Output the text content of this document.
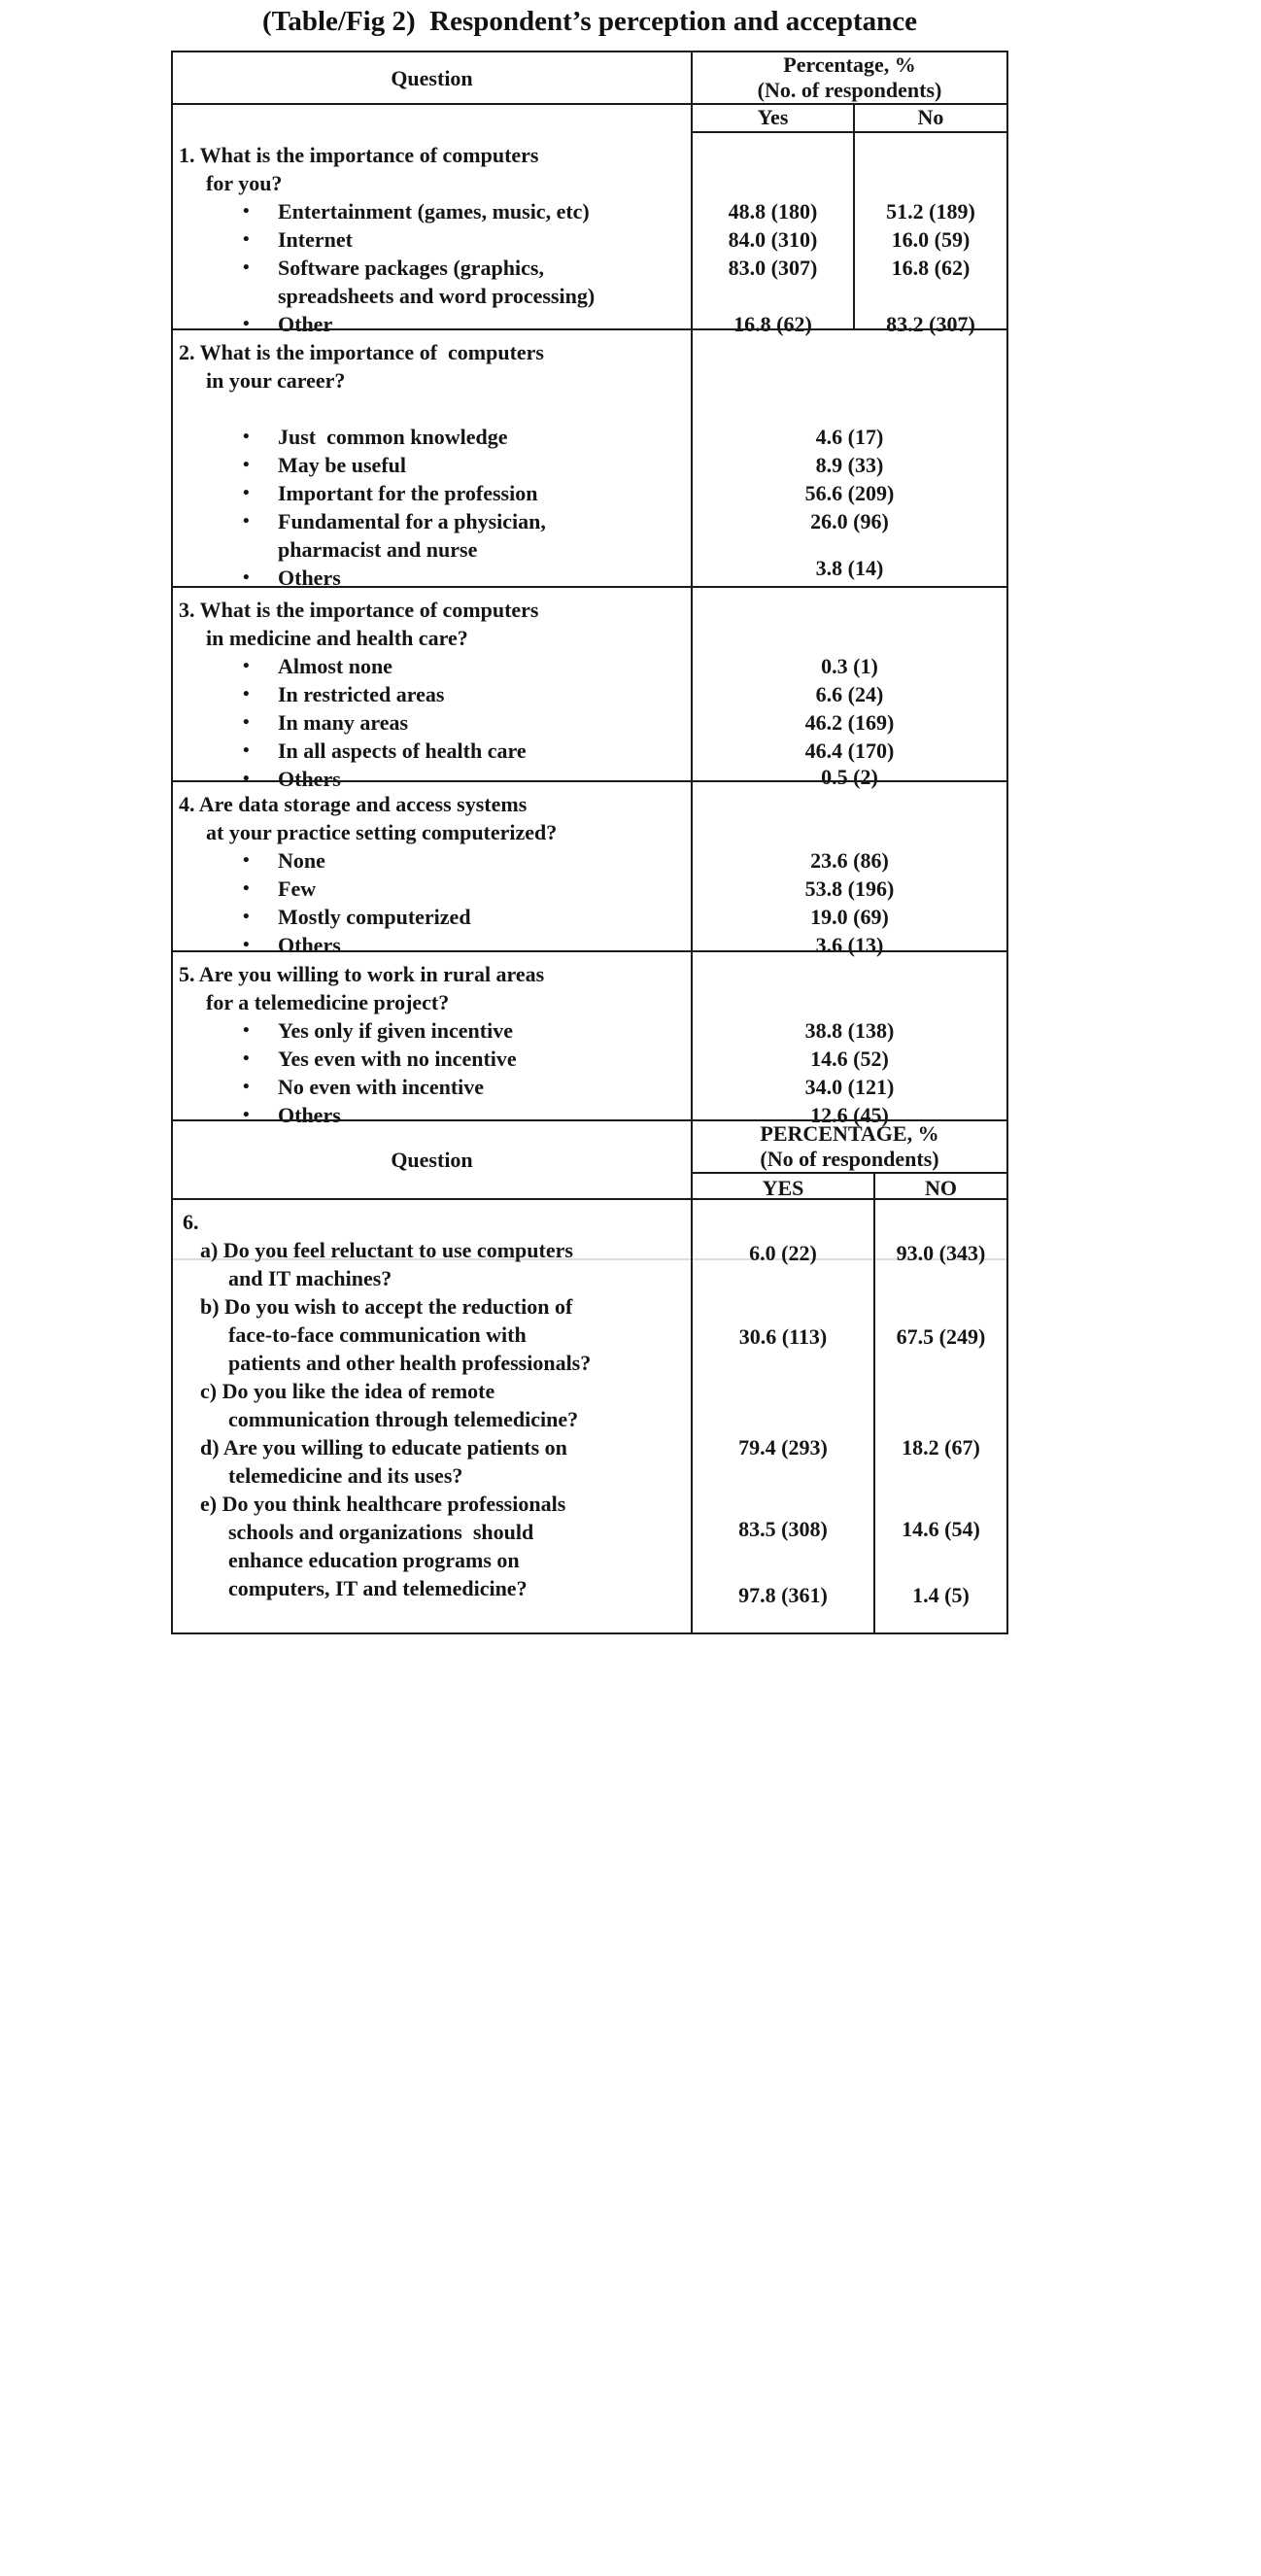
(Table/Fig 2)  Respondent’s perception and acceptance
Question
Percentage, %
(No. of respondents)
Yes	No
1. What is the importance of computers
for you?
• Entertainment (games, music, etc)
• Internet
• Software packages (graphics,
spreadsheets and word processing)
• Other
48.8 (180)
84.0 (310)
83.0 (307)
16.8 (62)
51.2 (189)
16.0 (59)
16.8 (62)
83.2 (307)
2. What is the importance of  computers
in your career?
• Just  common knowledge
• May be useful
• Important for the profession
• Fundamental for a physician,
pharmacist and nurse
• Others
4.6 (17)
8.9 (33)
56.6 (209)
26.0 (96)
3.8 (14)
3. What is the importance of computers
in medicine and health care?
• Almost none
• In restricted areas
• In many areas
• In all aspects of health care
• Others
0.3 (1)
6.6 (24)
46.2 (169)
46.4 (170)
0.5 (2)
4. Are data storage and access systems
at your practice setting computerized?
• None
• Few
• Mostly computerized
• Others
23.6 (86)
53.8 (196)
19.0 (69)
3.6 (13)
5. Are you willing to work in rural areas
for a telemedicine project?
• Yes only if given incentive
• Yes even with no incentive
• No even with incentive
• Others
38.8 (138)
14.6 (52)
34.0 (121)
12.6 (45)
Question
PERCENTAGE, %
(No of respondents)
YES	NO
6.
a) Do you feel reluctant to use computers
and IT machines?
b) Do you wish to accept the reduction of
face-to-face communication with
patients and other health professionals?
c) Do you like the idea of remote
communication through telemedicine?
d) Are you willing to educate patients on
telemedicine and its uses?
e) Do you think healthcare professionals
schools and organizations  should
enhance education programs on
computers, IT and telemedicine?
6.0 (22)
30.6 (113)
79.4 (293)
83.5 (308)
97.8 (361)
93.0 (343)
67.5 (249)
18.2 (67)
14.6 (54)
1.4 (5)
